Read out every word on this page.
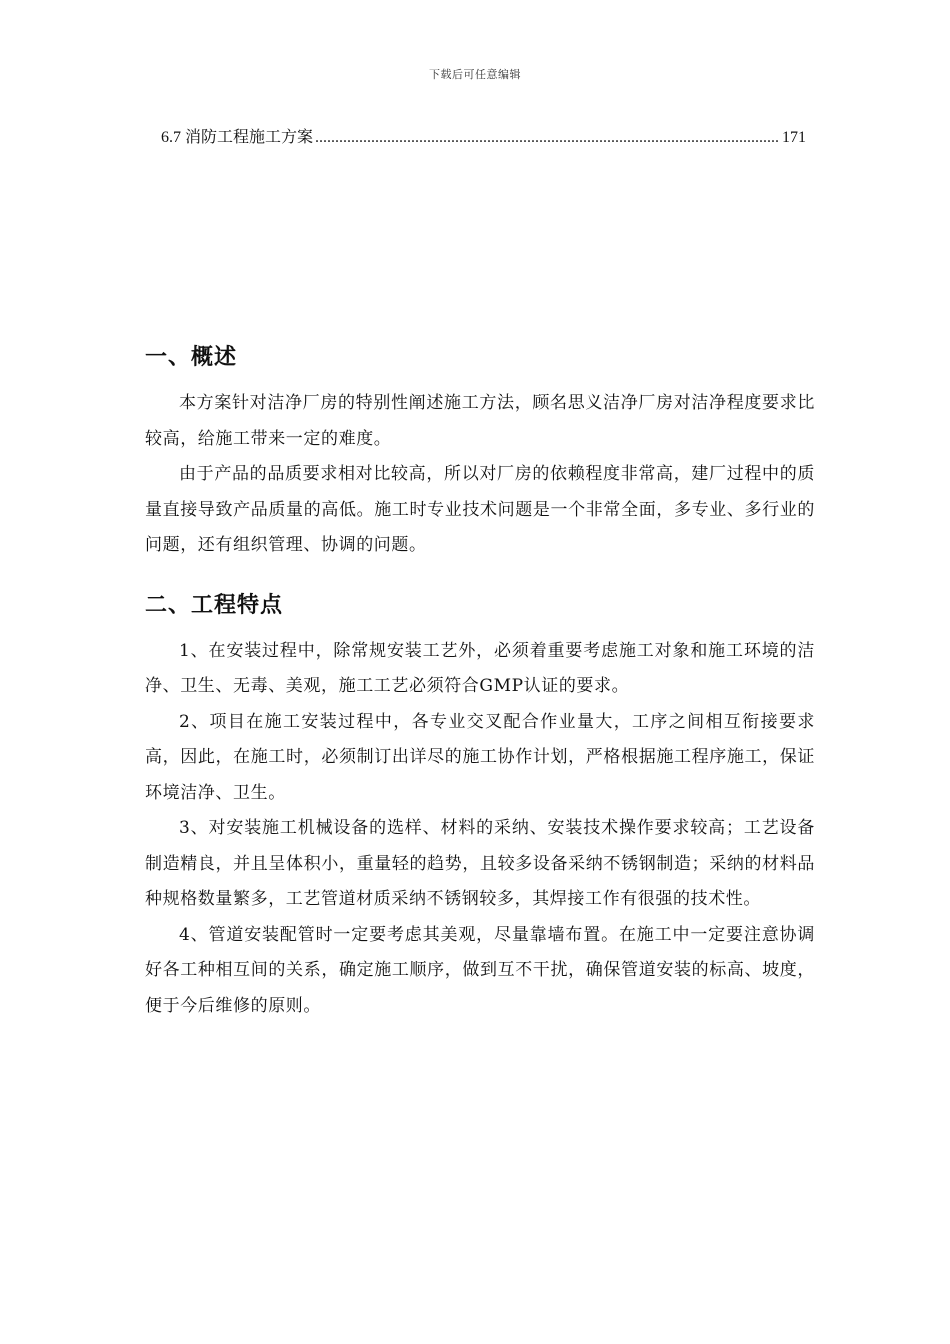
下载后可任意编辑
6.7 消防工程施工方案
.....	171
一、概述

本方案针对洁净厂房的特别性阐述施工方法，顾名思义洁净厂房对洁净程度要求比较高，给施工带来一定的难度。

由于产品的品质要求相对比较高，所以对厂房的依赖程度非常高，建厂过程中的质量直接导致产品质量的高低。施工时专业技术问题是一个非常全面，多专业、多行业的问题，还有组织管理、协调的问题。

二、工程特点

1、在安装过程中，除常规安装工艺外，必须着重要考虑施工对象和施工环境的洁净、卫生、无毒、美观，施工工艺必须符合GMP认证的要求。

2、项目在施工安装过程中，各专业交叉配合作业量大，工序之间相互衔接要求高，因此，在施工时，必须制订出详尽的施工协作计划，严格根据施工程序施工，保证环境洁净、卫生。

3、对安装施工机械设备的选样、材料的采纳、安装技术操作要求较高；工艺设备制造精良，并且呈体积小，重量轻的趋势，且较多设备采纳不锈钢制造；采纳的材料品种规格数量繁多，工艺管道材质采纳不锈钢较多，其焊接工作有很强的技术性。

4、管道安装配管时一定要考虑其美观，尽量靠墙布置。在施工中一定要注意协调好各工种相互间的关系，确定施工顺序，做到互不干扰，确保管道安装的标高、坡度，便于今后维修的原则。
